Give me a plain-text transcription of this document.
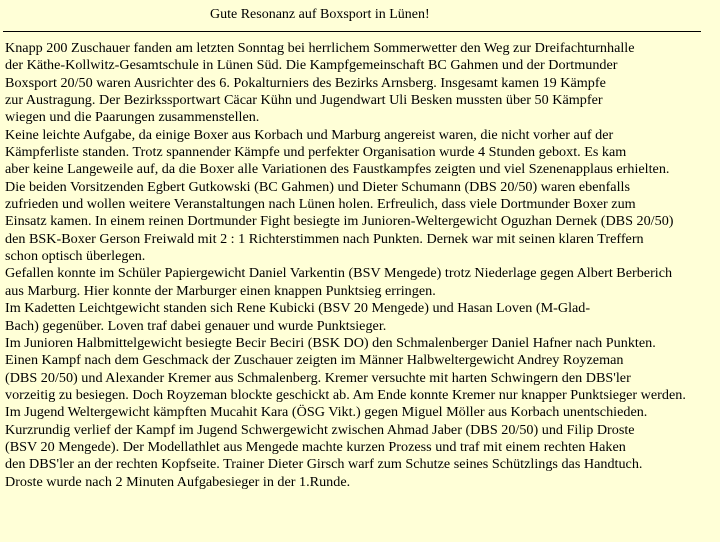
Gute Resonanz auf Boxsport in Lünen!
Knapp 200 Zuschauer fanden am letzten Sonntag bei herrlichem Sommerwetter den Weg zur Dreifachturnhalle
der Käthe-Kollwitz-Gesamtschule in Lünen Süd. Die Kampfgemeinschaft BC Gahmen und der Dortmunder
Boxsport 20/50 waren Ausrichter des 6. Pokalturniers des Bezirks Arnsberg. Insgesamt kamen 19 Kämpfe
zur Austragung. Der Bezirkssportwart Cäcar Kühn und Jugendwart Uli Besken mussten über 50 Kämpfer
wiegen und die Paarungen zusammenstellen.
Keine leichte Aufgabe, da einige Boxer aus Korbach und Marburg angereist waren, die nicht vorher auf der
Kämpferliste standen. Trotz spannender Kämpfe und perfekter Organisation wurde 4 Stunden geboxt. Es kam
aber keine Langeweile auf, da die Boxer alle Variationen des Faustkampfes zeigten und viel Szenenapplaus erhielten.
Die beiden Vorsitzenden Egbert Gutkowski (BC Gahmen) und Dieter Schumann (DBS 20/50) waren ebenfalls
zufrieden und wollen weitere Veranstaltungen nach Lünen holen. Erfreulich, dass viele Dortmunder Boxer zum
Einsatz kamen. In einem reinen Dortmunder Fight besiegte im Junioren-Weltergewicht Oguzhan Dernek (DBS 20/50)
den BSK-Boxer Gerson Freiwald mit 2 : 1 Richterstimmen nach Punkten. Dernek war mit seinen klaren Treffern
schon optisch überlegen.
Gefallen konnte im Schüler Papiergewicht Daniel Varkentin (BSV Mengede) trotz Niederlage gegen Albert Berberich
aus Marburg. Hier konnte der Marburger einen knappen Punktsieg erringen.
Im Kadetten Leichtgewicht standen sich Rene Kubicki (BSV 20 Mengede) und Hasan Loven (M-Glad-
Bach) gegenüber. Loven traf dabei genauer und wurde Punktsieger.
Im Junioren Halbmittelgewicht besiegte Becir Beciri (BSK DO) den Schmalenberger Daniel Hafner nach Punkten.
Einen Kampf nach dem Geschmack der Zuschauer zeigten im Männer Halbweltergewicht Andrey Royzeman
(DBS 20/50) und Alexander Kremer aus Schmalenberg. Kremer versuchte mit harten Schwingern den DBS'ler
vorzeitig zu besiegen. Doch Royzeman blockte geschickt ab. Am Ende konnte Kremer nur knapper Punktsieger werden.
Im Jugend Weltergewicht kämpften Mucahit Kara (ÖSG Vikt.) gegen Miguel Möller aus Korbach unentschieden.
Kurzrundig verlief der Kampf im Jugend Schwergewicht zwischen Ahmad Jaber (DBS 20/50) und Filip Droste
(BSV 20 Mengede). Der Modellathlet aus Mengede machte kurzen Prozess und traf mit einem rechten Haken
den DBS'ler an der rechten Kopfseite. Trainer Dieter Girsch warf zum Schutze seines Schützlings das Handtuch.
Droste wurde nach 2 Minuten Aufgabesieger in der 1.Runde.
